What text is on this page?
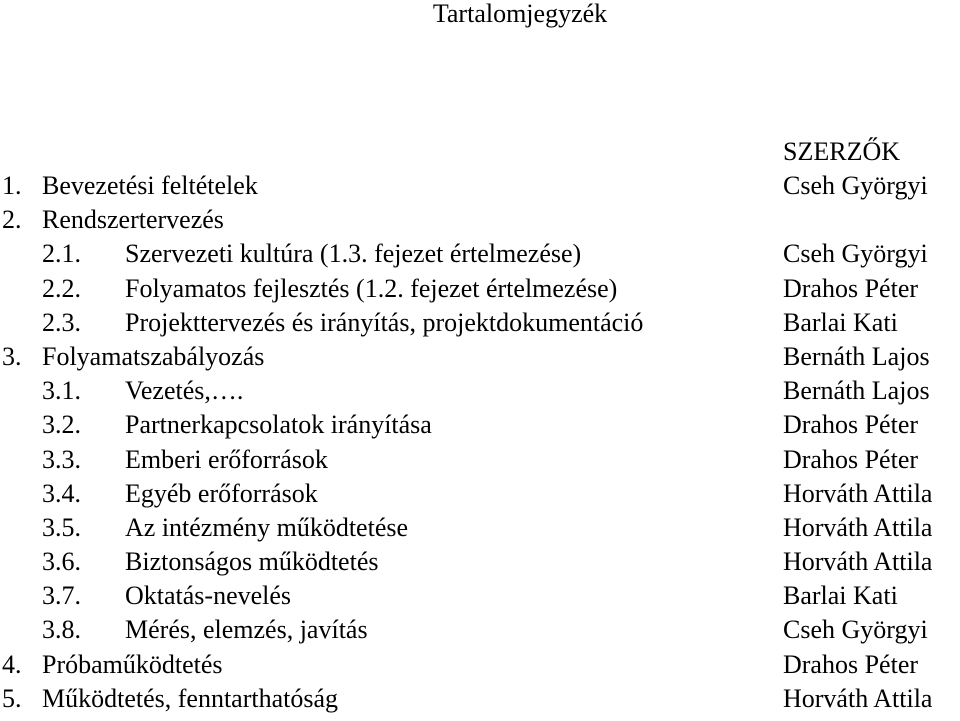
Tartalomjegyzék
SZERZŐK
1. Bevezetési feltételek	Cseh Györgyi
2. Rendszertervezés
2.1. Szervezeti kultúra (1.3. fejezet értelmezése)	Cseh Györgyi
2.2. Folyamatos fejlesztés (1.2. fejezet értelmezése)	Drahos Péter
2.3. Projekttervezés és irányítás, projektdokumentáció	Barlai Kati
3. Folyamatszabályozás	Bernáth Lajos
3.1. Vezetés,….	Bernáth Lajos
3.2. Partnerkapcsolatok irányítása	Drahos Péter
3.3. Emberi erőforrások	Drahos Péter
3.4. Egyéb erőforrások	Horváth Attila
3.5. Az intézmény működtetése	Horváth Attila
3.6. Biztonságos működtetés	Horváth Attila
3.7. Oktatás-nevelés	Barlai Kati
3.8. Mérés, elemzés, javítás	Cseh Györgyi
4. Próbaműködtetés	Drahos Péter
5. Működtetés, fenntarthatóság	Horváth Attila
